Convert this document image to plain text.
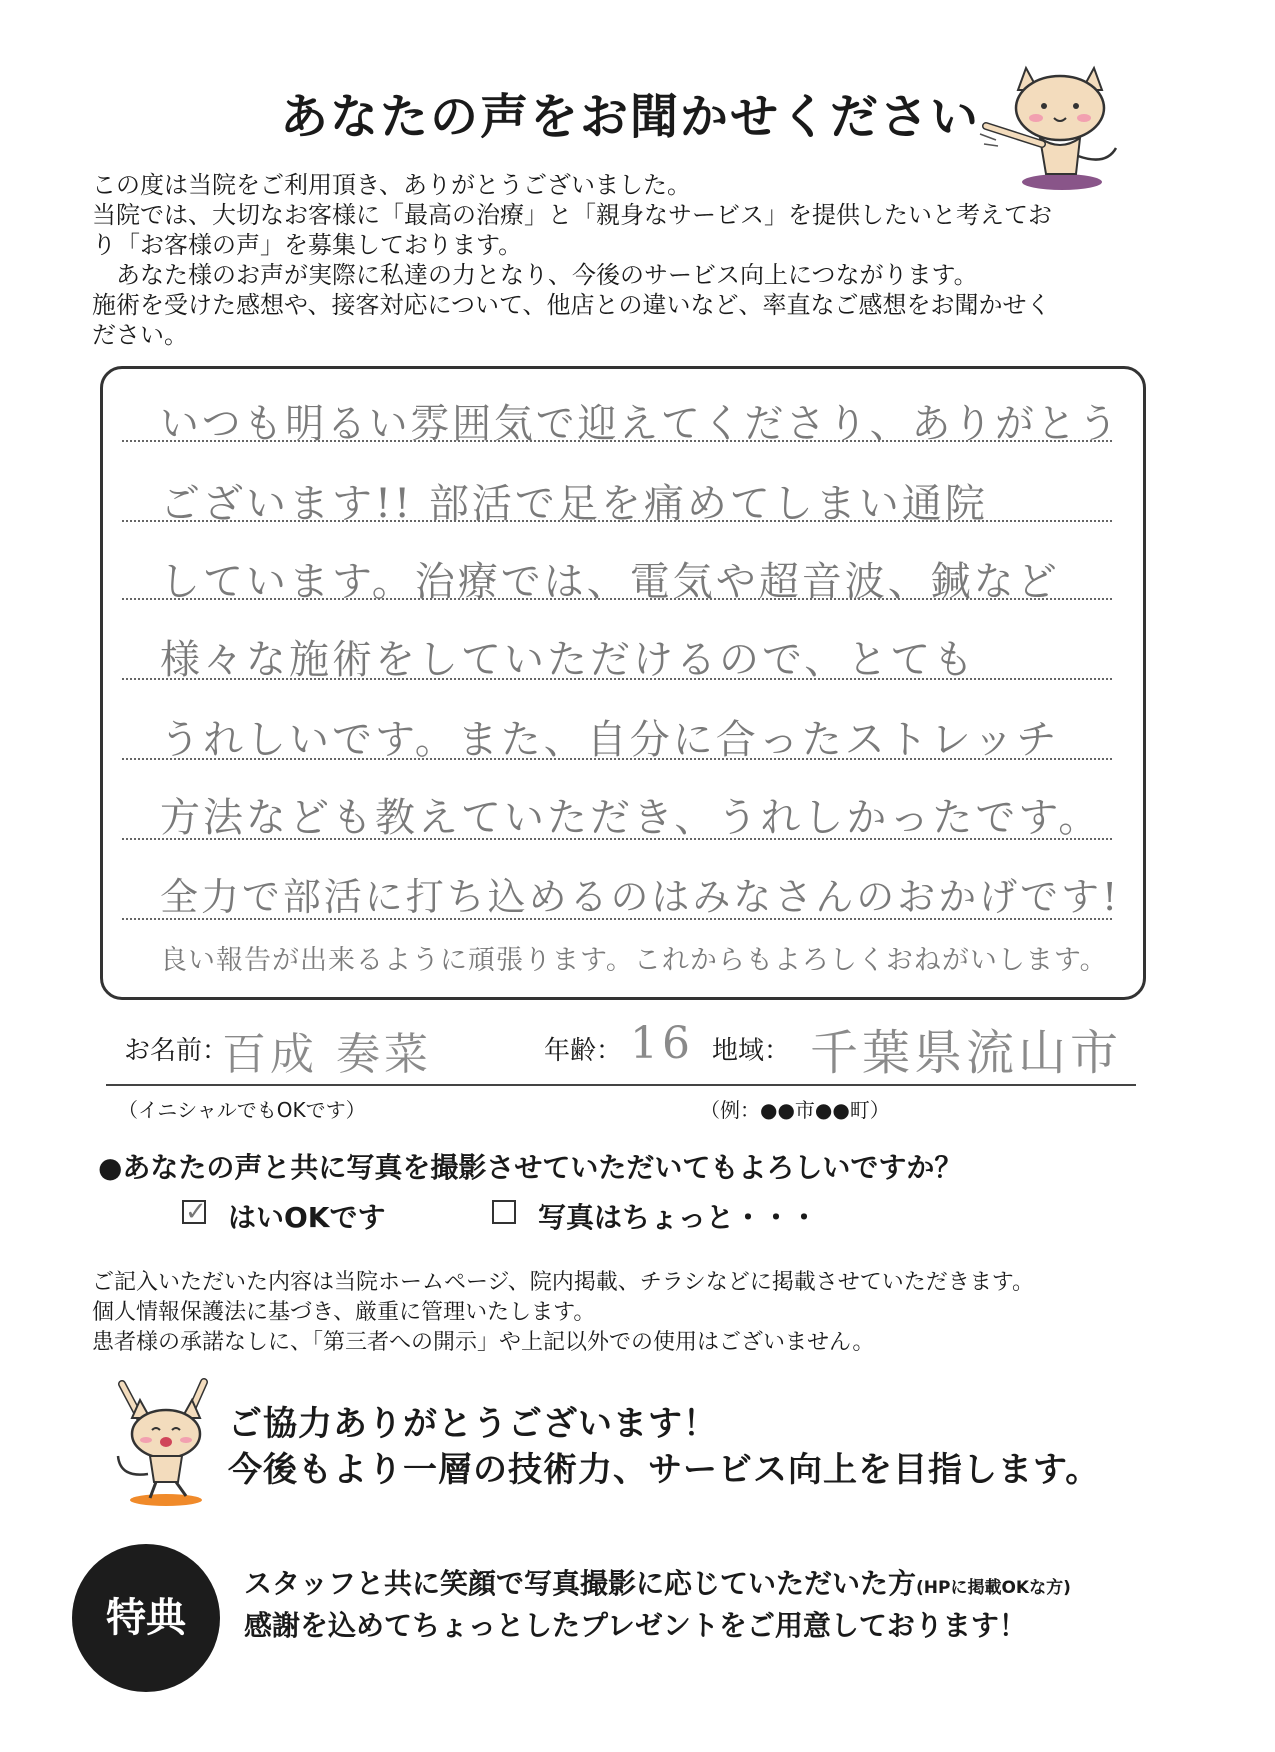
あなたの声をお聞かせください
この度は当院をご利用頂き、ありがとうございました。
当院では、大切なお客様に「最高の治療」と「親身なサービス」を提供したいと考えてお
り「お客様の声」を募集しております。
あなた様のお声が実際に私達の力となり、今後のサービス向上につながります。
施術を受けた感想や、接客対応について、他店との違いなど、率直なご感想をお聞かせく
ださい。
いつも明るい雰囲気で迎えてくださり、ありがとう
ございます!! 部活で足を痛めてしまい通院
しています。治療では、電気や超音波、鍼など
様々な施術をしていただけるので、とても
うれしいです。また、自分に合ったストレッチ
方法なども教えていただき、うれしかったです。
全力で部活に打ち込めるのはみなさんのおかげです!
良い報告が出来るように頑張ります。これからもよろしくおねがいします。
お名前：
百成 奏菜	年齢： 16 地域： 千葉県流山市
（イニシャルでもOKです）	（例：●●市●●町）
●あなたの声と共に写真を撮影させていただいてもよろしいですか？
✓ はいOKです	写真はちょっと・・・
ご記入いただいた内容は当院ホームページ、院内掲載、チラシなどに掲載させていただきます。
個人情報保護法に基づき、厳重に管理いたします。
患者様の承諾なしに、「第三者への開示」や上記以外での使用はございません。
ご協力ありがとうございます！
今後もより一層の技術力、サービス向上を目指します。
特典
スタッフと共に笑顔で写真撮影に応じていただいた方(HPに掲載OKな方)
感謝を込めてちょっとしたプレゼントをご用意しております！
